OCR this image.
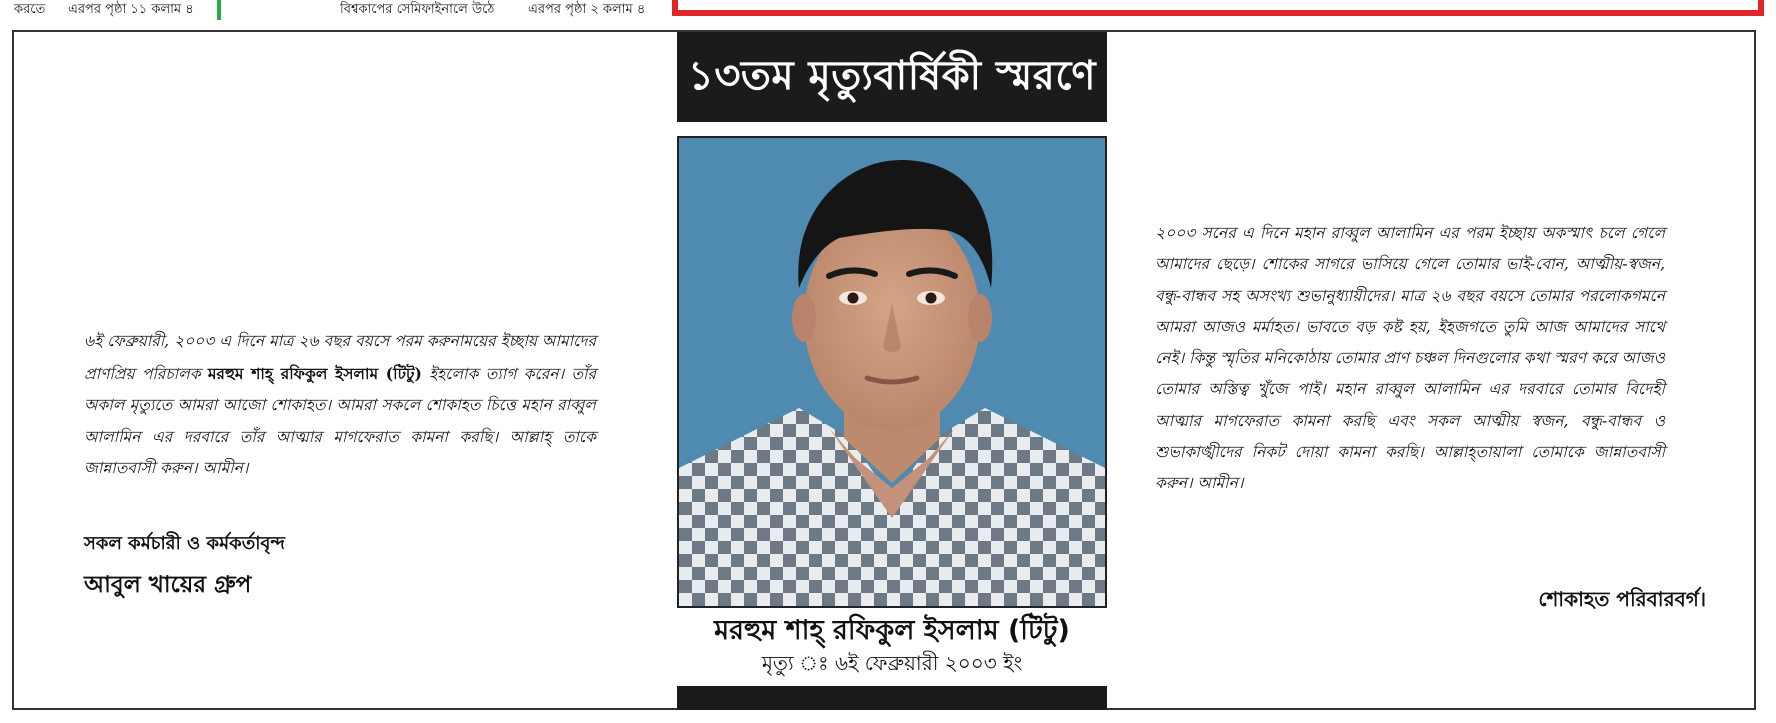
করতে এরপর পৃষ্ঠা ১১ কলাম ৪	বিশ্বকাপের সেমিফাইনালে উঠে	এরপর পৃষ্ঠা ২ কলাম ৪
১৩তম মৃত্যুবার্ষিকী স্মরণে
মরহুম শাহ্ রফিকুল ইসলাম (টিটু)
মৃত্যু ঃ ৬ই ফেব্রুয়ারী ২০০৩ ইং

৬ই ফেব্রুয়ারী, ২০০৩ এ দিনে মাত্র ২৬ বছর বয়সে পরম করুনাময়ের ইচ্ছায় আমাদের প্রাণপ্রিয় পরিচালক মরহুম শাহ্ রফিকুল ইসলাম (টিটু) ইহলোক ত্যাগ করেন। তাঁর অকাল মৃত্যুতে আমরা আজো শোকাহত। আমরা সকলে শোকাহত চিত্তে মহান রাব্বুল আলামিন এর দরবারে তাঁর আত্মার মাগফেরাত কামনা করছি। আল্লাহ্ তাকে জান্নাতবাসী করুন। আমীন।

সকল কর্মচারী ও কর্মকর্তাবৃন্দ
আবুল খায়ের গ্রুপ

২০০৩ সনের এ দিনে মহান রাব্বুল আলামিন এর পরম ইচ্ছায় অকস্মাৎ চলে গেলে আমাদের ছেড়ে। শোকের সাগরে ভাসিয়ে গেলে তোমার ভাই-বোন, আত্মীয়-স্বজন, বন্ধু-বান্ধব সহ অসংখ্য শুভানুধ্যায়ীদের। মাত্র ২৬ বছর বয়সে তোমার পরলোকগমনে আমরা আজও মর্মাহত। ভাবতে বড় কষ্ট হয়, ইহজগতে তুমি আজ আমাদের সাথে নেই। কিন্তু স্মৃতির মনিকোঠায় তোমার প্রাণ চঞ্চল দিনগুলোর কথা স্মরণ করে আজও তোমার অস্তিত্ব খুঁজে পাই। মহান রাব্বুল আলামিন এর দরবারে তোমার বিদেহী আত্মার মাগফেরাত কামনা করছি এবং সকল আত্মীয় স্বজন, বন্ধু-বান্ধব ও শুভাকাঙ্খীদের নিকট দোয়া কামনা করছি। আল্লাহ্তায়ালা তোমাকে জান্নাতবাসী করুন। আমীন।

শোকাহত পরিবারবর্গ।
